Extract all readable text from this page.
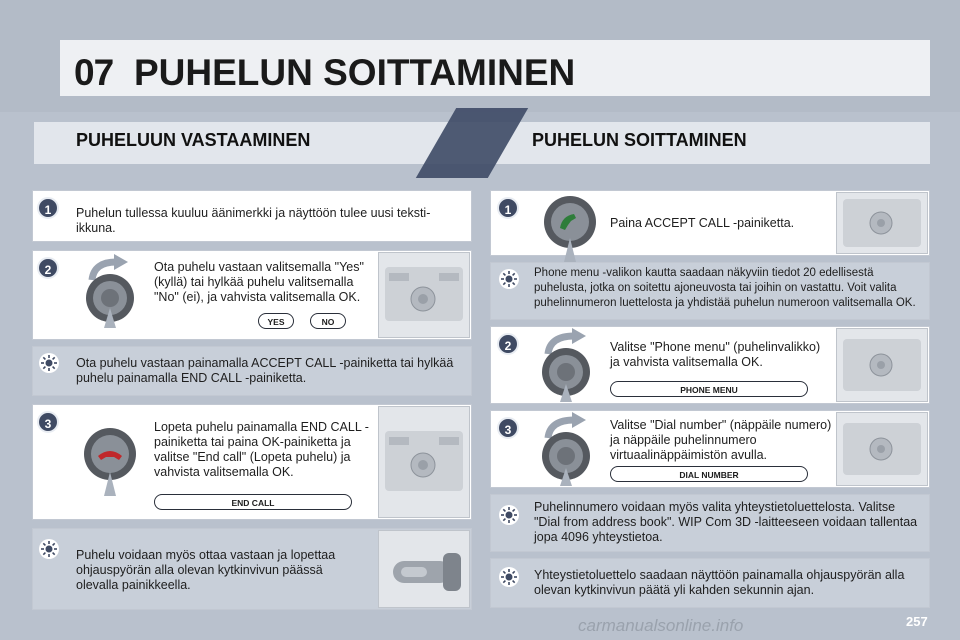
07 PUHELUN SOITTAMINEN
PUHELUUN VASTAAMINEN	PUHELUN SOITTAMINEN
1	Puhelun tullessa kuuluu äänimerkki ja näyttöön tulee uusi teksti-ikkuna.
2	Ota puhelu vastaan valitsemalla "Yes" (kyllä) tai hylkää puhelu valitsemalla "No" (ei), ja vahvista valitsemalla OK.
YES	NO
Ota puhelu vastaan painamalla ACCEPT CALL -painiketta tai hylkää puhelu painamalla END CALL -painiketta.
3	Lopeta puhelu painamalla END CALL -painiketta tai paina OK-painiketta ja valitse "End call" (Lopeta puhelu) ja vahvista valitsemalla OK.
END CALL
Puhelu voidaan myös ottaa vastaan ja lopettaa ohjauspyörän alla olevan kytkinvivun päässä olevalla painikkeella.
1
Paina ACCEPT CALL -painiketta.
Phone menu -valikon kautta saadaan näkyviin tiedot 20 edellisestä puhelusta, jotka on soitettu ajoneuvosta tai joihin on vastattu. Voit valita puhelinnumeron luettelosta ja yhdistää puhelun numeroon valitsemalla OK.
2	Valitse "Phone menu" (puhelinvalikko) ja vahvista valitsemalla OK.
PHONE MENU
3	Valitse "Dial number" (näppäile numero) ja näppäile puhelinnumero virtuaalinäppäimistön avulla.
DIAL NUMBER
Puhelinnumero voidaan myös valita yhteystietoluettelosta. Valitse "Dial from address book". WIP Com 3D -laitteeseen voidaan tallentaa jopa 4096 yhteystietoa.
Yhteystietoluettelo saadaan näyttöön painamalla ohjauspyörän alla olevan kytkinvivun päätä yli kahden sekunnin ajan.
carmanualsonline.info	257
